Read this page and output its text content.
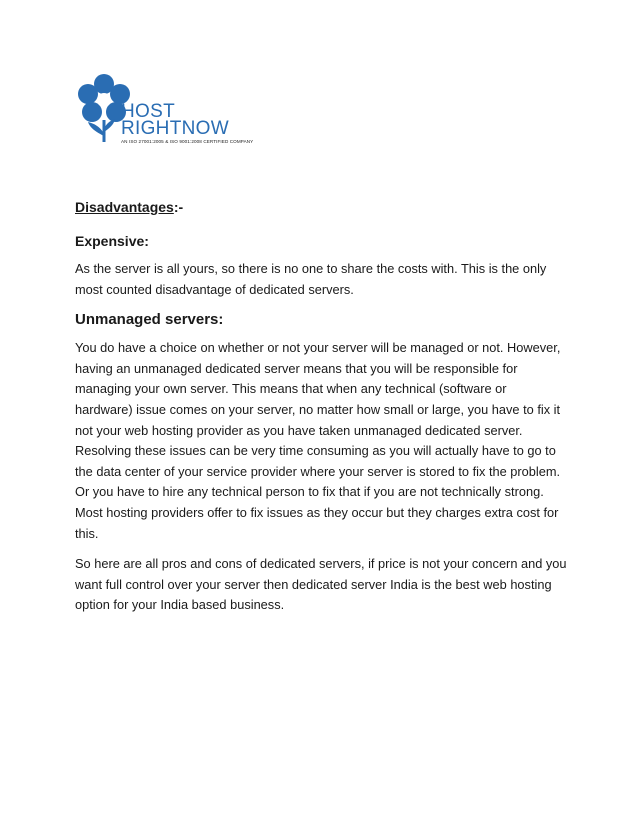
HOST
RIGHTNOW
AN ISO 27001:2005 & ISO 9001:2008 CERTIFIED COMPANY
Disadvantages:-
Expensive:

As the server is all yours, so there is no one to share the costs with. This is the only most counted disadvantage of dedicated servers.

Unmanaged servers:

You do have a choice on whether or not your server will be managed or not. However, having an unmanaged dedicated server means that you will be responsible for managing your own server. This means that when any technical (software or hardware) issue comes on your server, no matter how small or large, you have to fix it not your web hosting provider as you have taken unmanaged dedicated server. Resolving these issues can be very time consuming as you will actually have to go to the data center of your service provider where your server is stored to fix the problem. Or you have to hire any technical person to fix that if you are not technically strong. Most hosting providers offer to fix issues as they occur but they charges extra cost for this.

So here are all pros and cons of dedicated servers, if price is not your concern and you want full control over your server then dedicated server India is the best web hosting option for your India based business.
